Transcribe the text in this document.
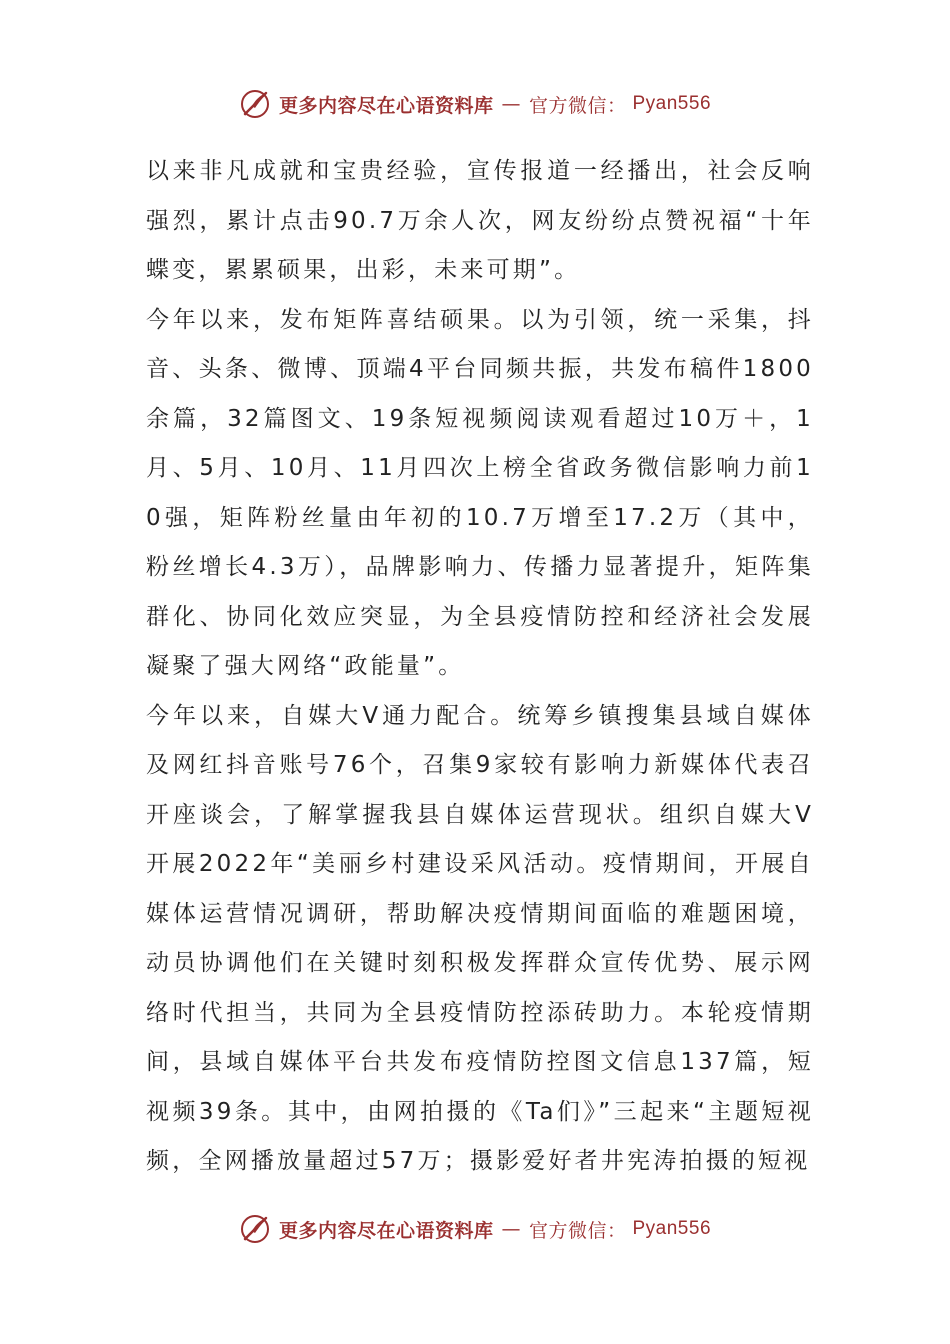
更多内容尽在心语资料库 — 官方微信： Pyan556

以来非凡成就和宝贵经验，宣传报道一经播出，社会反响强烈，累计点击90.7万余人次，网友纷纷点赞祝福“十年蝶变，累累硕果，出彩，未来可期”。

今年以来，发布矩阵喜结硕果。以为引领，统一采集，抖音、头条、微博、顶端4平台同频共振，共发布稿件1800余篇，32篇图文、19条短视频阅读观看超过10万＋，1月、5月、10月、11月四次上榜全省政务微信影响力前10强，矩阵粉丝量由年初的10.7万增至17.2万（其中，粉丝增长4.3万），品牌影响力、传播力显著提升，矩阵集群化、协同化效应突显，为全县疫情防控和经济社会发展凝聚了强大网络“政能量”。

今年以来，自媒大V通力配合。统筹乡镇搜集县域自媒体及网红抖音账号76个，召集9家较有影响力新媒体代表召开座谈会，了解掌握我县自媒体运营现状。组织自媒大V开展2022年“美丽乡村建设采风活动。疫情期间，开展自媒体运营情况调研，帮助解决疫情期间面临的难题困境，动员协调他们在关键时刻积极发挥群众宣传优势、展示网络时代担当，共同为全县疫情防控添砖助力。本轮疫情期间，县域自媒体平台共发布疫情防控图文信息137篇，短视频39条。其中，由网拍摄的《Ta们》”三起来“主题短视频，全网播放量超过57万；摄影爱好者井宪涛拍摄的短视

更多内容尽在心语资料库 — 官方微信： Pyan556
